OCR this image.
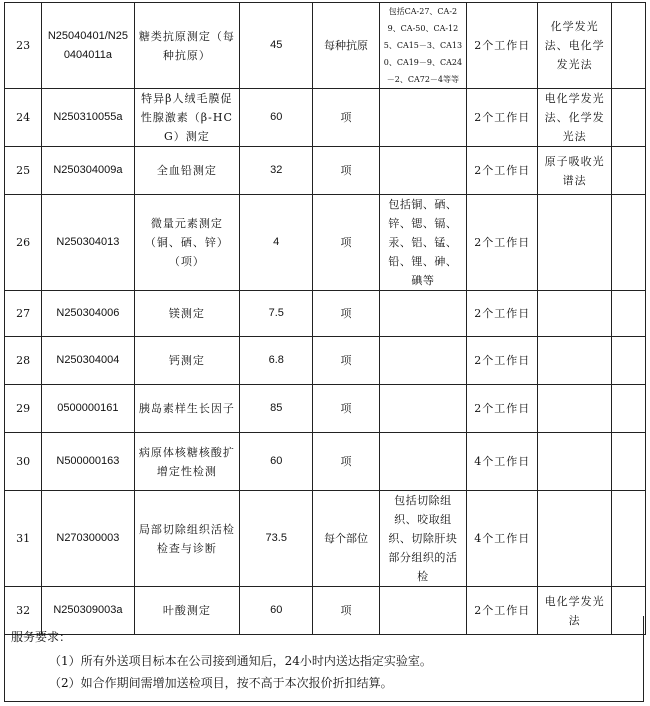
23	N25040401/N250404011a	糖类抗原测定（每种抗原）	45	每种抗原	包括CA-27、CA-29、CA-50、CA-125、CA15－3、CA130、CA19－9、CA24－2、CA72－4等等	2个工作日	化学发光法、电化学发光法	
24	N250310055a	特异β人绒毛膜促性腺激素（β-HCG）测定	60	项		2个工作日	电化学发光法、化学发光法	
25	N250304009a	全血铅测定	32	项		2个工作日	原子吸收光谱法	
26	N250304013	微量元素测定（铜、硒、锌）（项）	4	项	包括铜、硒、锌、锶、镉、汞、铝、锰、铅、锂、砷、碘等	2个工作日		
27	N250304006	镁测定	7.5	项		2个工作日		
28	N250304004	钙测定	6.8	项		2个工作日		
29	0500000161	胰岛素样生长因子	85	项		2个工作日		
30	N500000163	病原体核糖核酸扩增定性检测	60	项		4个工作日		
31	N270300003	局部切除组织活检检查与诊断	73.5	每个部位	包括切除组织、咬取组织、切除肝块部分组织的活检	4个工作日		
32	N250309003a	叶酸测定	60	项		2个工作日	电化学发光法	
服务要求：
（1）所有外送项目标本在公司接到通知后，24小时内送达指定实验室。
（2）如合作期间需增加送检项目，按不高于本次报价折扣结算。
